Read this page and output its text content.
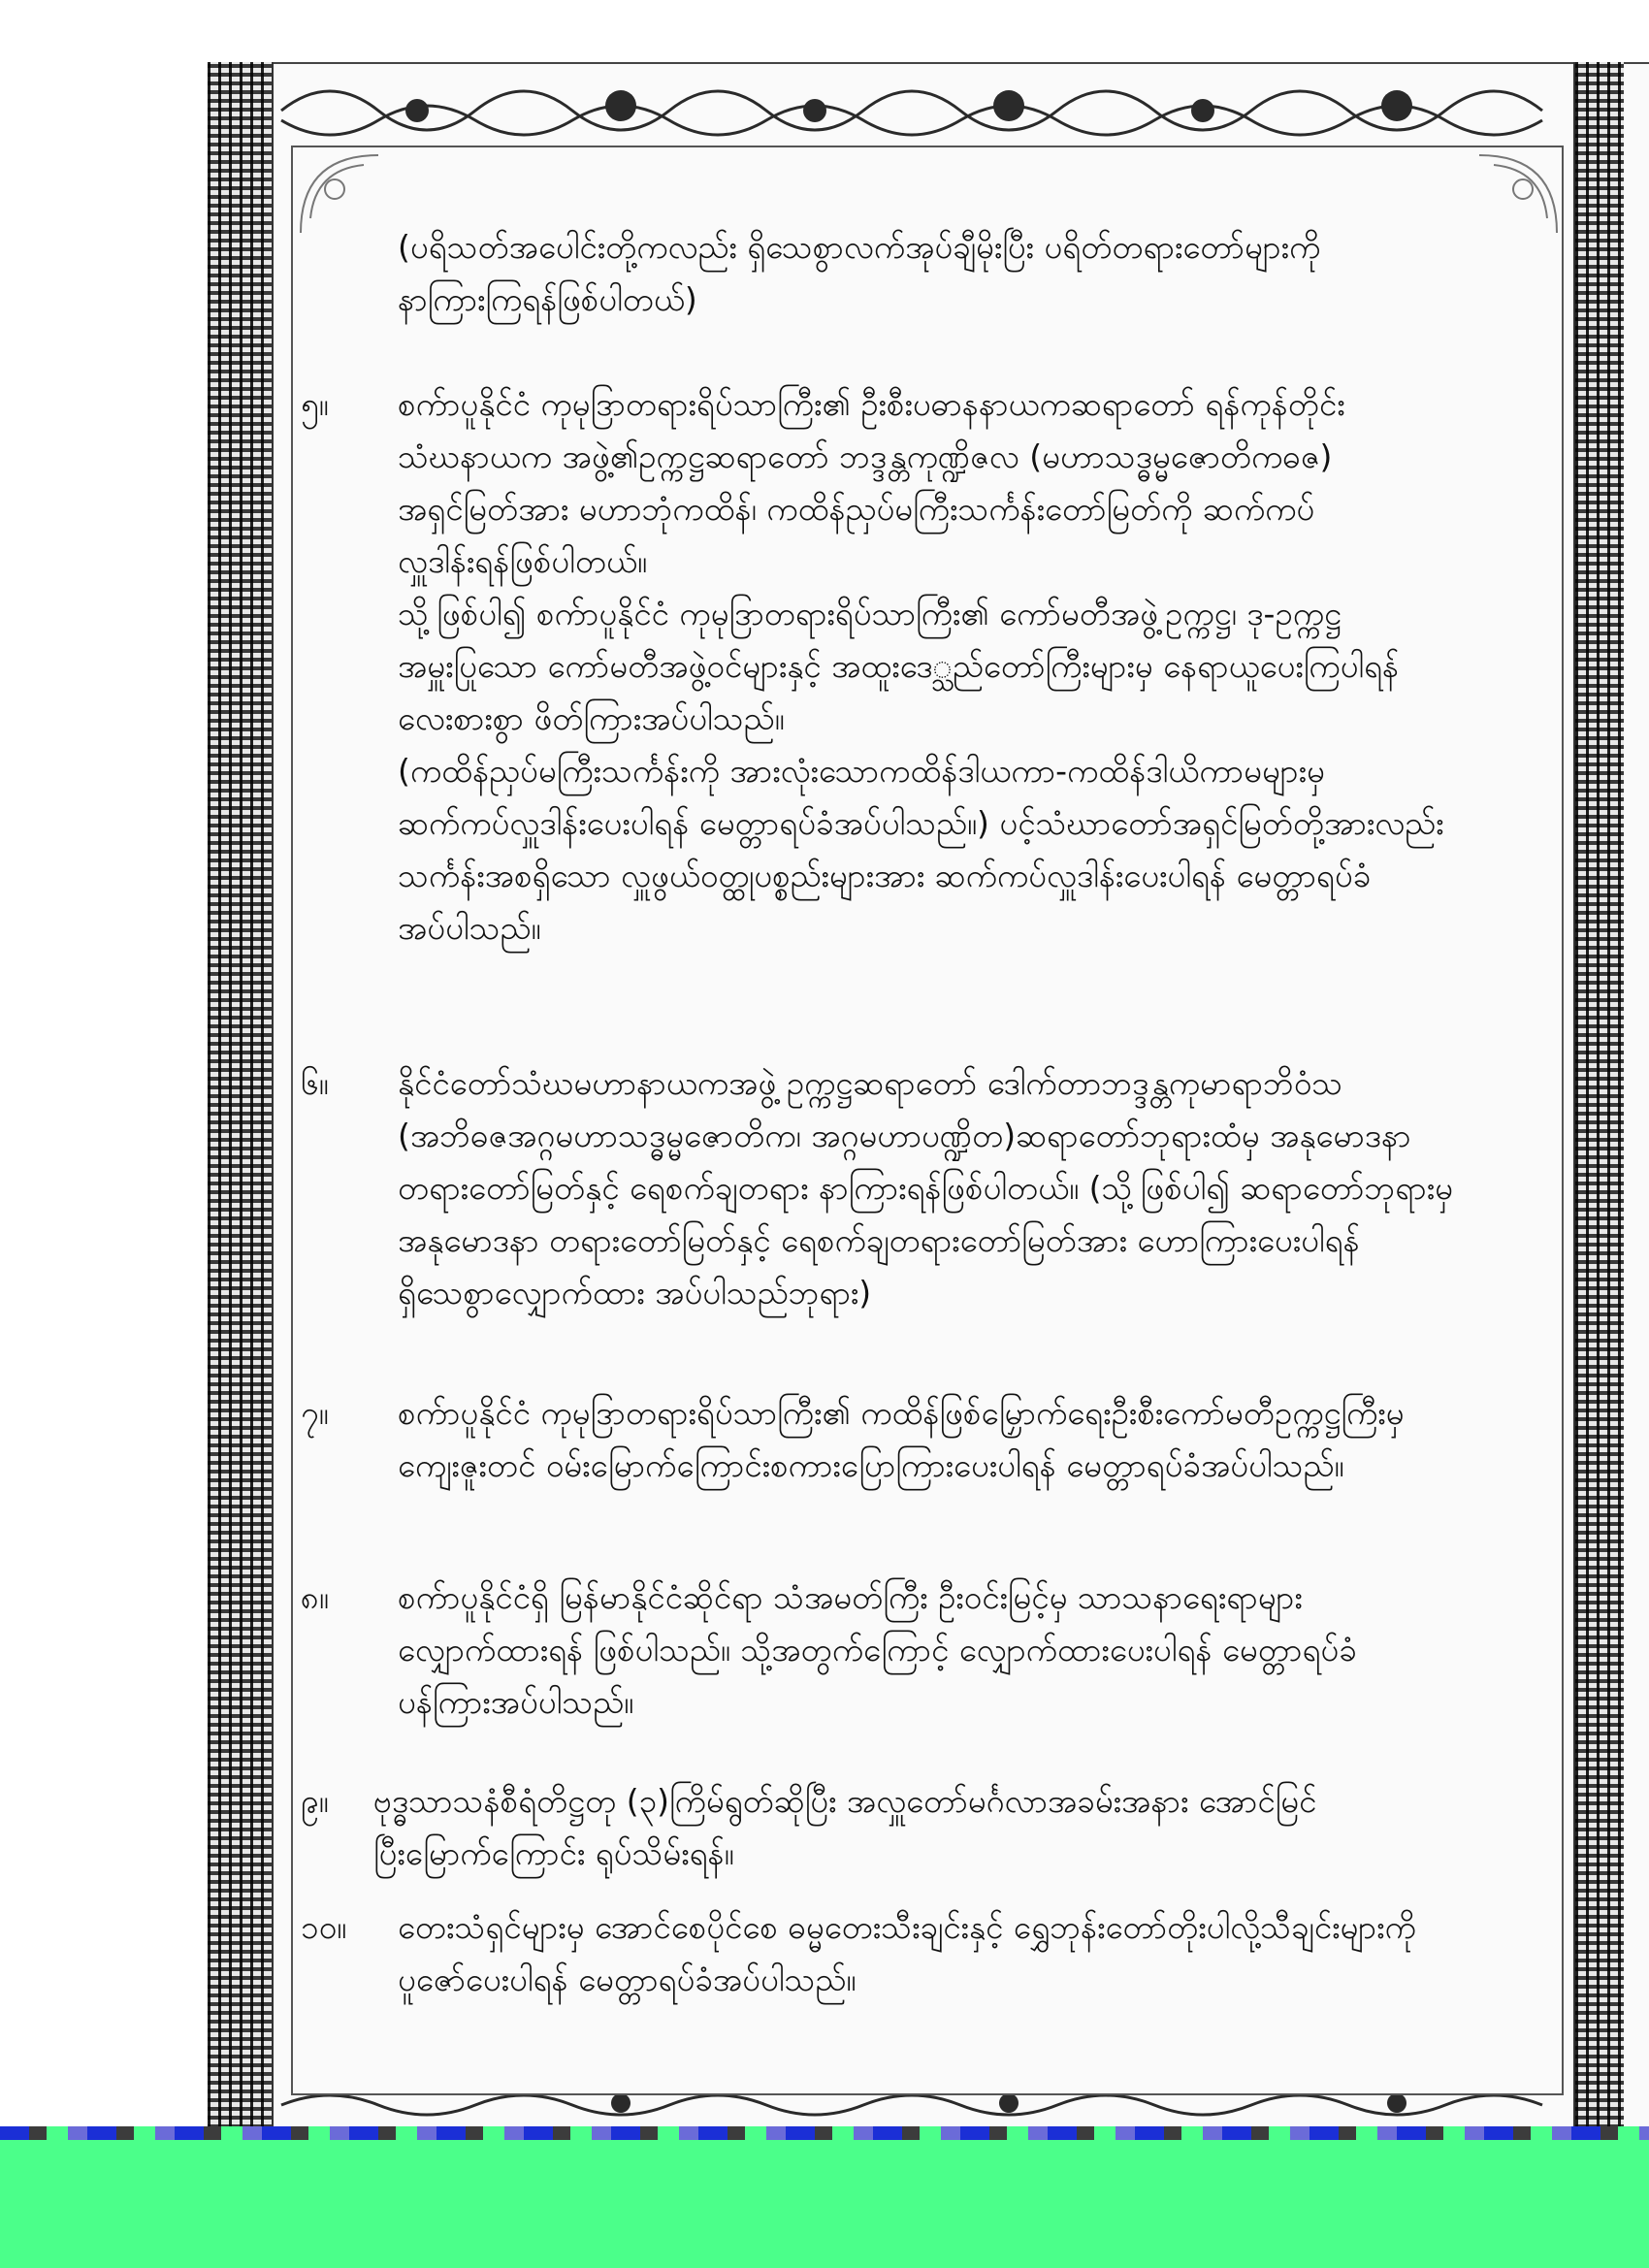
(ပရိသတ်အပေါင်းတို့ကလည်း ရှိသေစွာလက်အုပ်ချီမိုးပြီး ပရိတ်တရားတော်များကို
နာကြားကြရန်ဖြစ်ပါတယ်)
၅။ စက်ာပူနိုင်ငံ ကုမုဒြာတရားရိပ်သာကြီး၏ ဦးစီးပဓာနနာယကဆရာတော် ရန်ကုန်တိုင်း
သံဃနာယက အဖွဲ့၏ဥက္ကဋ္ဌဆရာတော် ဘဒ္ဒန္တကုဏ္ဍိဇလ (မဟာသဒ္ဓမ္မဇောတိကဓဇ)
အရှင်မြတ်အား မဟာဘုံကထိန်၊ ကထိန်ညှပ်မကြီးသင်္ကန်းတော်မြတ်ကို ဆက်ကပ်
လှူဒါန်းရန်ဖြစ်ပါတယ်။
သို့ဖြစ်ပါ၍ စက်ာပူနိုင်ငံ ကုမုဒြာတရားရိပ်သာကြီး၏ ကော်မတီအဖွဲ့ဥက္ကဋ္ဌ၊ ဒု-ဥက္ကဋ္ဌ
အမှူးပြုသော ကော်မတီအဖွဲ့ဝင်များနှင့် အထူးဒေ္သည်တော်ကြီးများမှ နေရာယူပေးကြပါရန်
လေးစားစွာ ဖိတ်ကြားအပ်ပါသည်။
(ကထိန်ညှပ်မကြီးသင်္ကန်းကို အားလုံးသောကထိန်ဒါယကာ-ကထိန်ဒါယိကာမများမှ
ဆက်ကပ်လှူဒါန်းပေးပါရန် မေတ္တာရပ်ခံအပ်ပါသည်။) ပင့်သံဃာတော်အရှင်မြတ်တို့အားလည်း
သင်္ကန်းအစရှိသော လှူဖွယ်ဝတ္ထုပစ္စည်းများအား ဆက်ကပ်လှူဒါန်းပေးပါရန် မေတ္တာရပ်ခံ
အပ်ပါသည်။
၆။ နိုင်ငံတော်သံဃမဟာနာယကအဖွဲ့ ဥက္ကဋ္ဌဆရာတော် ဒေါက်တာဘဒ္ဒန္တကုမာရာဘိဝံသ
(အဘိဓဇအဂ္ဂမဟာသဒ္ဓမ္မဇောတိက၊ အဂ္ဂမဟာပဏ္ဍိတ)ဆရာတော်ဘုရားထံမှ အနုမောဒနာ
တရားတော်မြတ်နှင့် ရေစက်ချတရား နာကြားရန်ဖြစ်ပါတယ်။ (သို့ဖြစ်ပါ၍ ဆရာတော်ဘုရားမှ
အနုမောဒနာ တရားတော်မြတ်နှင့် ရေစက်ချတရားတော်မြတ်အား ဟောကြားပေးပါရန်
ရှိသေစွာလျှောက်ထား အပ်ပါသည်ဘုရား)
၇။ စက်ာပူနိုင်ငံ ကုမုဒြာတရားရိပ်သာကြီး၏ ကထိန်ဖြစ်မြှောက်ရေးဦးစီးကော်မတီဥက္ကဋ္ဌကြီးမှ
ကျေးဇူးတင် ဝမ်းမြောက်ကြောင်းစကားပြောကြားပေးပါရန် မေတ္တာရပ်ခံအပ်ပါသည်။
၈။ စက်ာပူနိုင်ငံရှိ မြန်မာနိုင်ငံဆိုင်ရာ သံအမတ်ကြီး ဦးဝင်းမြင့်မှ သာသနာရေးရာများ
လျှောက်ထားရန် ဖြစ်ပါသည်။ သို့အတွက်ကြောင့် လျှောက်ထားပေးပါရန် မေတ္တာရပ်ခံ
ပန်ကြားအပ်ပါသည်။
၉။ ဗုဒ္ဓသာသနံစီရံတိဋ္ဌတု (၃)ကြိမ်ရွတ်ဆိုပြီး အလှူတော်မင်္ဂလာအခမ်းအနား အောင်မြင်
ပြီးမြောက်ကြောင်း ရုပ်သိမ်းရန်။
၁၀။ တေးသံရှင်များမှ အောင်စေပိုင်စေ ဓမ္မတေးသီးချင်းနှင့် ရွှေဘုန်းတော်တိုးပါလို့သီချင်းများကို
ပူဇော်ပေးပါရန် မေတ္တာရပ်ခံအပ်ပါသည်။
